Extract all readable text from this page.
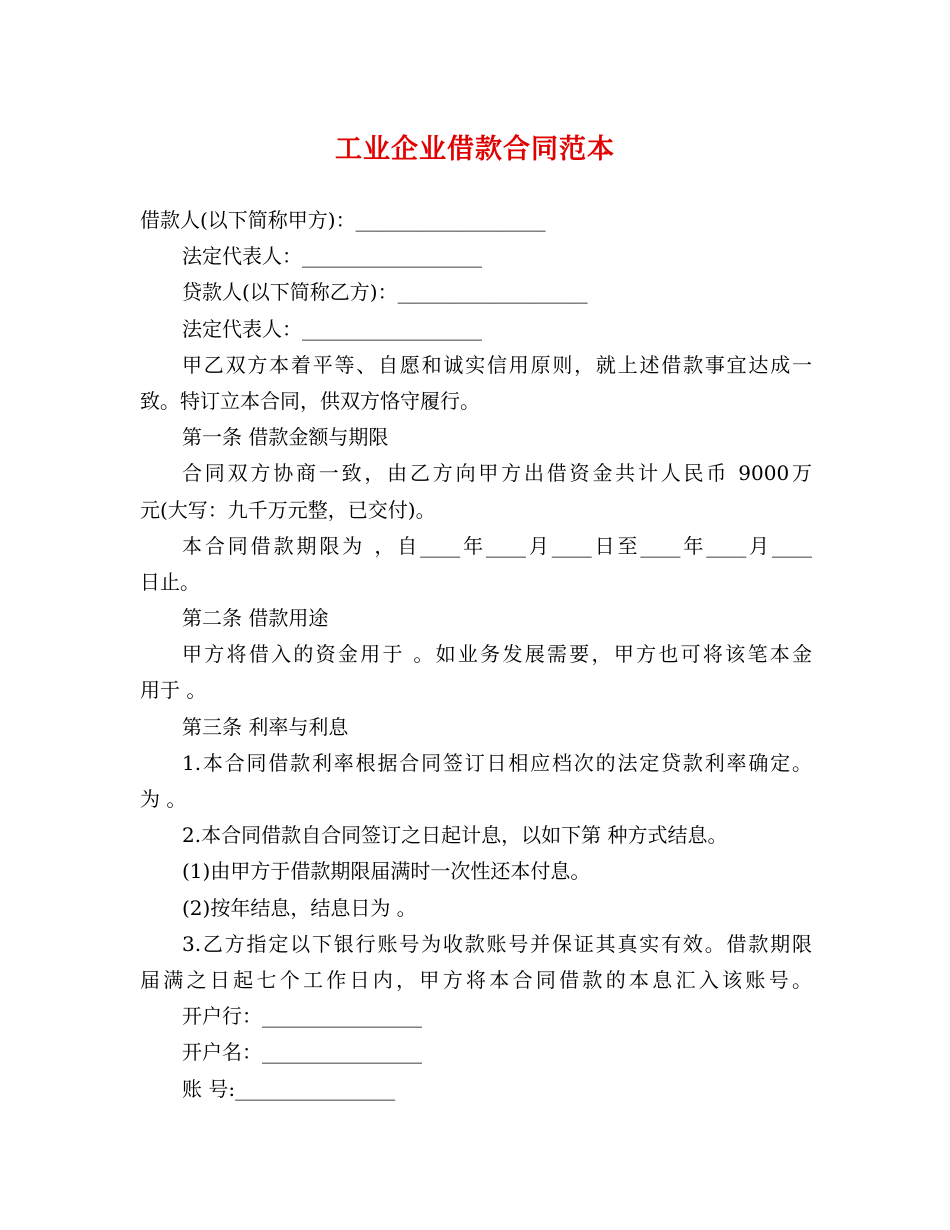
工业企业借款合同范本
借款人(以下简称甲方)：___________________
法定代表人：__________________
贷款人(以下简称乙方)：___________________
法定代表人：__________________
甲乙双方本着平等、自愿和诚实信用原则，就上述借款事宜达成一
致。特订立本合同，供双方恪守履行。
第一条 借款金额与期限
合同双方协商一致，由乙方向甲方出借资金共计人民币 9000万
元(大写：九千万元整，已交付)。
本合同借款期限为 ，自____年____月____日至____年____月____
日止。
第二条 借款用途
甲方将借入的资金用于 。如业务发展需要，甲方也可将该笔本金
用于 。
第三条 利率与利息
1.本合同借款利率根据合同签订日相应档次的法定贷款利率确定。
为 。
2.本合同借款自合同签订之日起计息，以如下第 种方式结息。
(1)由甲方于借款期限届满时一次性还本付息。
(2)按年结息，结息日为 。
3.乙方指定以下银行账号为收款账号并保证其真实有效。借款期限
届满之日起七个工作日内，甲方将本合同借款的本息汇入该账号。
开户行：________________
开户名：________________
账 号:________________
